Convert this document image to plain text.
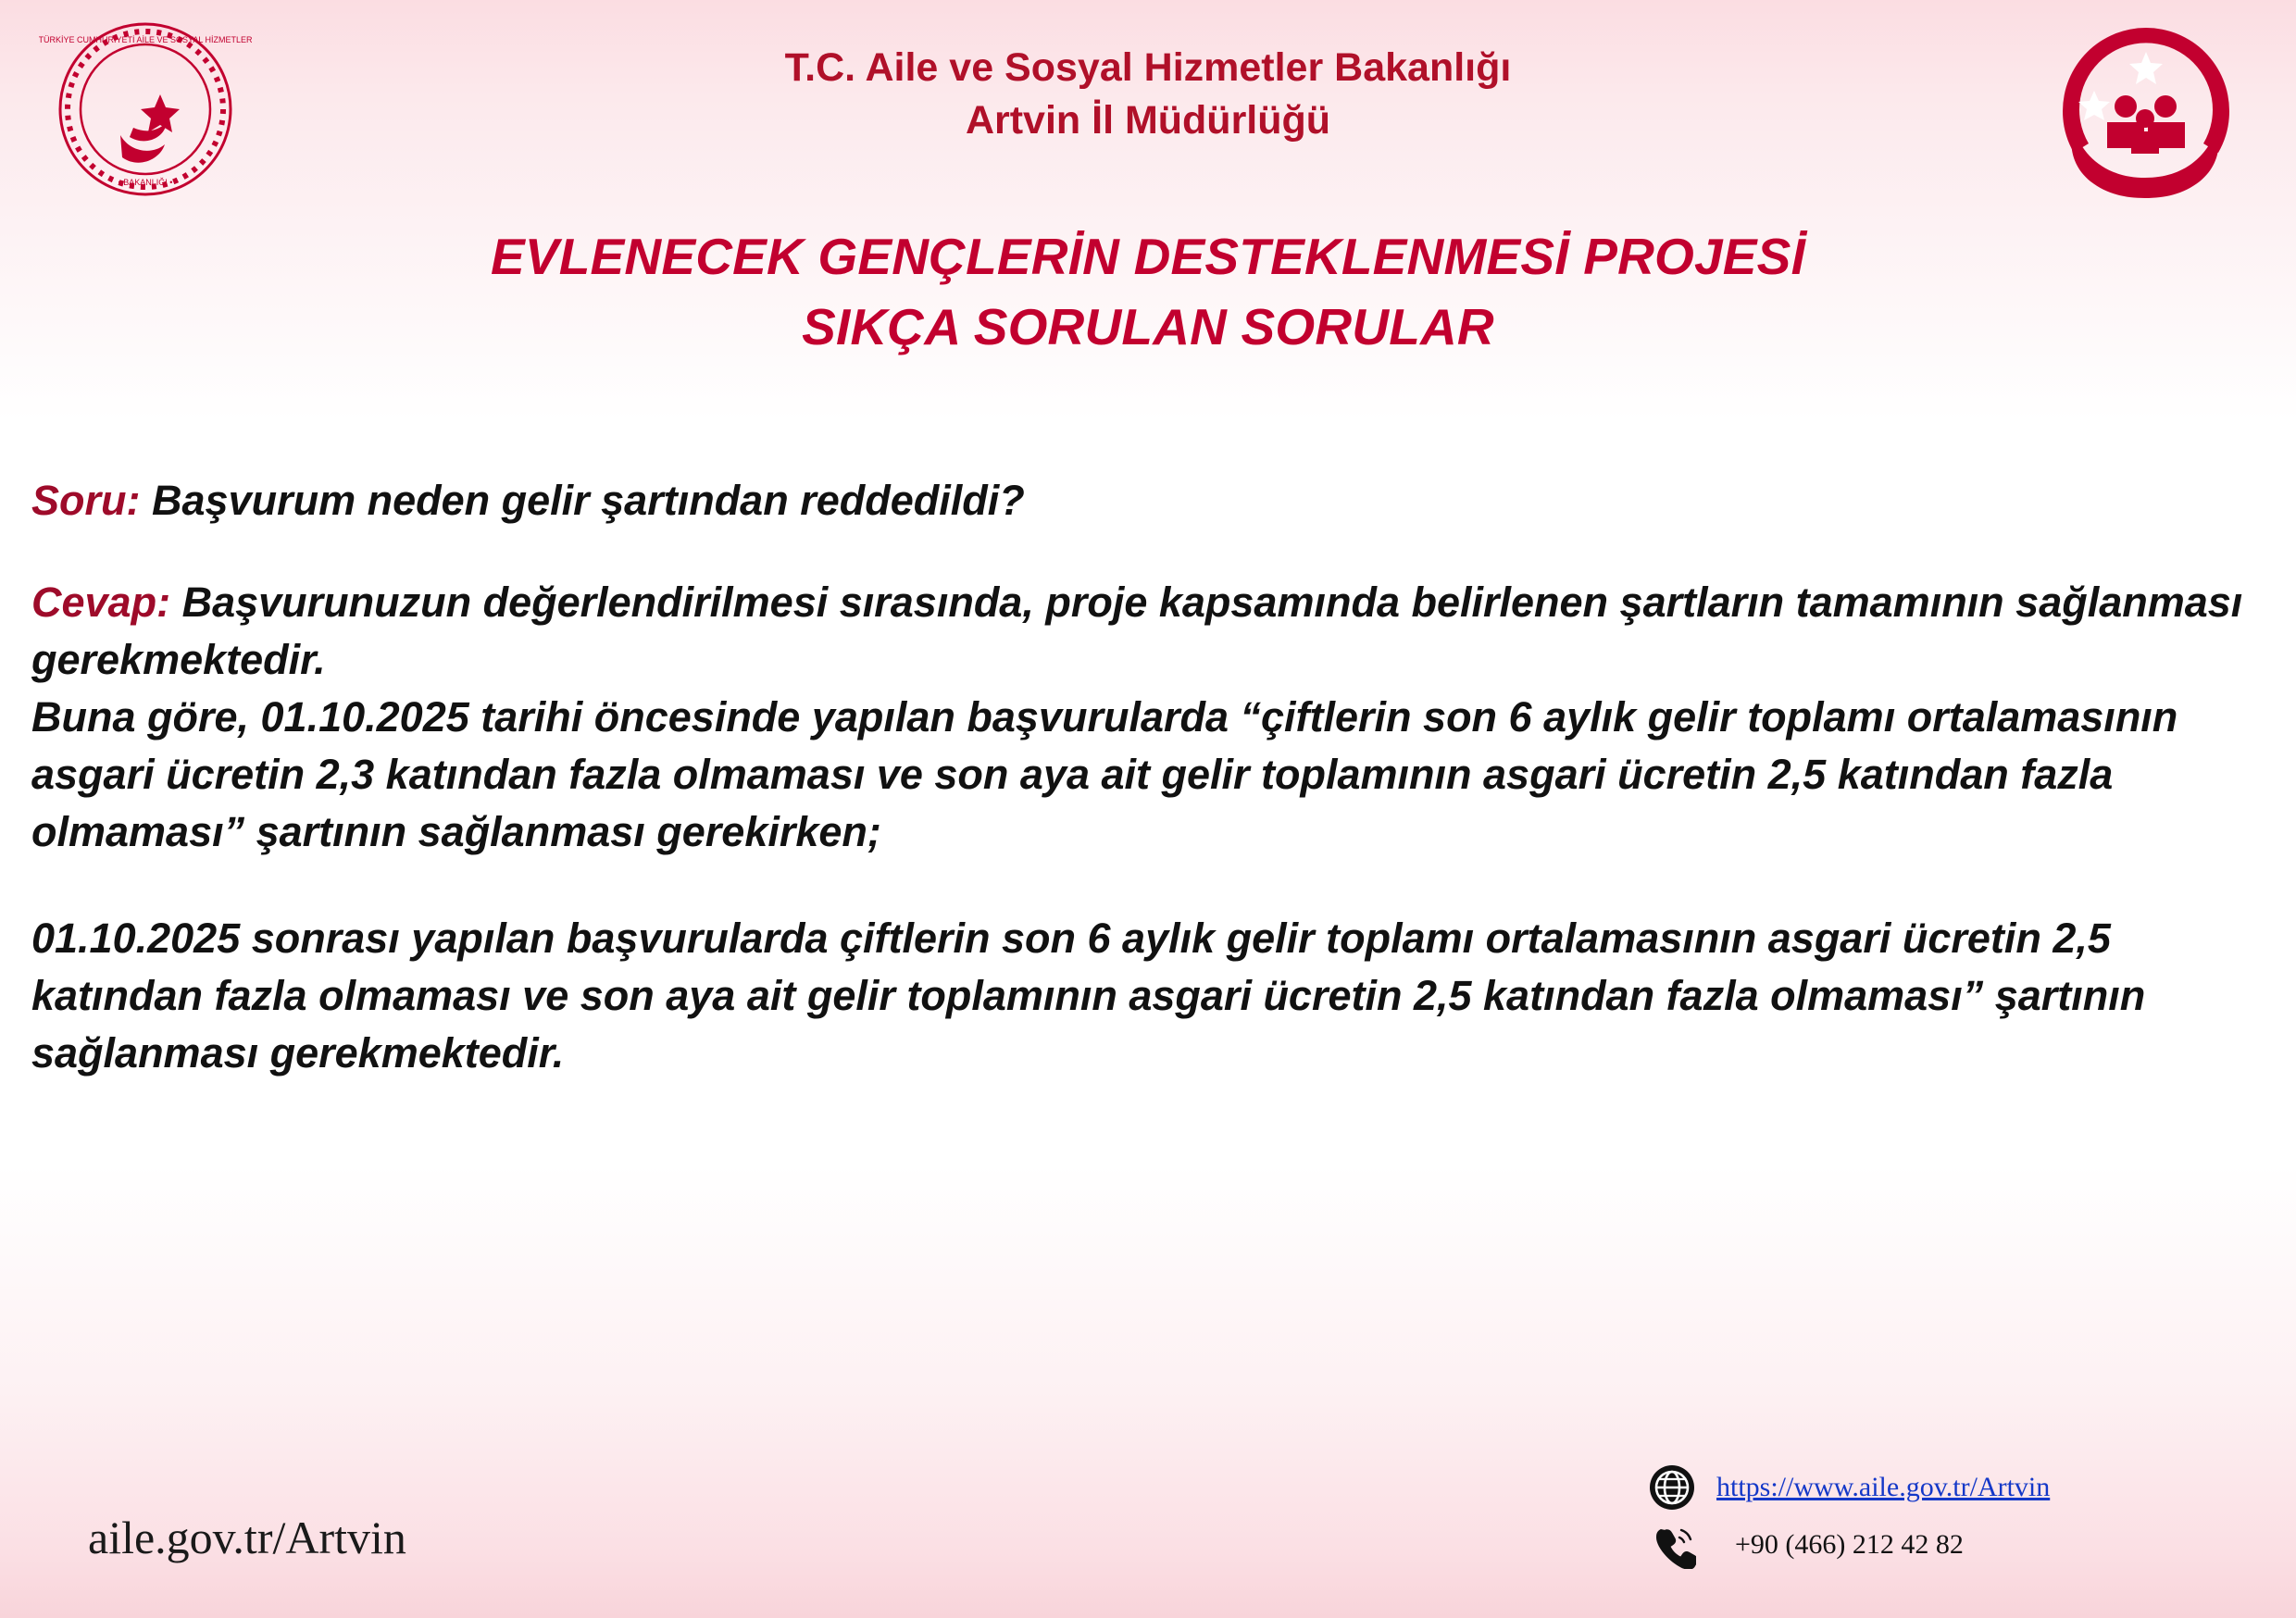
TÜRKİYE CUMHURİYETİ AİLE VE SOSYAL HİZMETLER
• BAKANLIĞI •
T.C. Aile ve Sosyal Hizmetler Bakanlığı
Artvin İl Müdürlüğü
EVLENECEK GENÇLERİN DESTEKLENMESİ PROJESİ
SIKÇA SORULAN SORULAR

Soru: Başvurum neden gelir şartından reddedildi?

Cevap: Başvurunuzun değerlendirilmesi sırasında, proje kapsamında belirlenen şartların tamamının sağlanması gerekmektedir.

Buna göre, 01.10.2025 tarihi öncesinde yapılan başvurularda “çiftlerin son 6 aylık gelir toplamı ortalamasının asgari ücretin 2,3 katından fazla olmaması ve son aya ait gelir toplamının asgari ücretin 2,5 katından fazla olmaması” şartının sağlanması gerekirken;

01.10.2025 sonrası yapılan başvurularda çiftlerin son 6 aylık gelir toplamı ortalamasının asgari ücretin 2,5 katından fazla olmaması ve son aya ait gelir toplamının asgari ücretin 2,5 katından fazla olmaması” şartının sağlanması gerekmektedir.

aile.gov.tr/Artvin
https://www.aile.gov.tr/Artvin
+90 (466) 212 42 82
